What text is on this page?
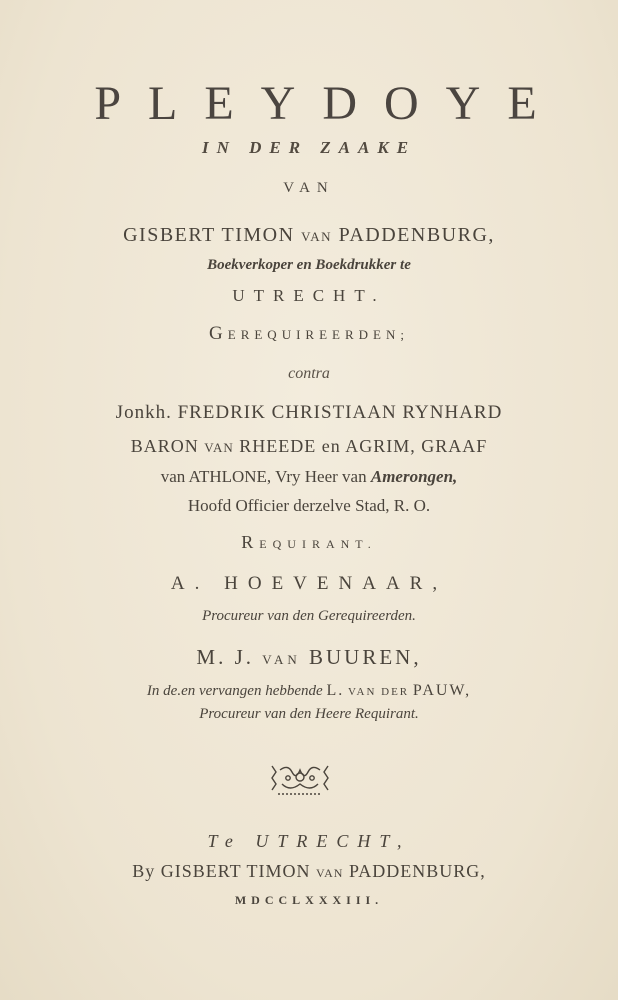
PLEYDOYE
IN DER ZAAKE
VAN
GISBERT TIMON VAN PADDENBURG,
Boekverkoper en Boekdrukker te
UTRECHT.
GEREQUIREERDEN;
contra
Jonkh. FREDRIK CHRISTIAAN RYNHARD
BARON VAN RHEEDE en AGRIM, GRAAF
van ATHLONE, Vry Heer van Amerongen,
Hoofd Officier derzelve Stad, R. O.
REQUIRANT.
A. HOEVENAAR,
Procureur van den Gerequireerden.
M. J. VAN BUUREN,
In de.en vervangen hebbende L. VAN DER PAUW,
Procureur van den Heere Requirant.
Te UTRECHT,
By GISBERT TIMON VAN PADDENBURG,
MDCCLXXXIII.
